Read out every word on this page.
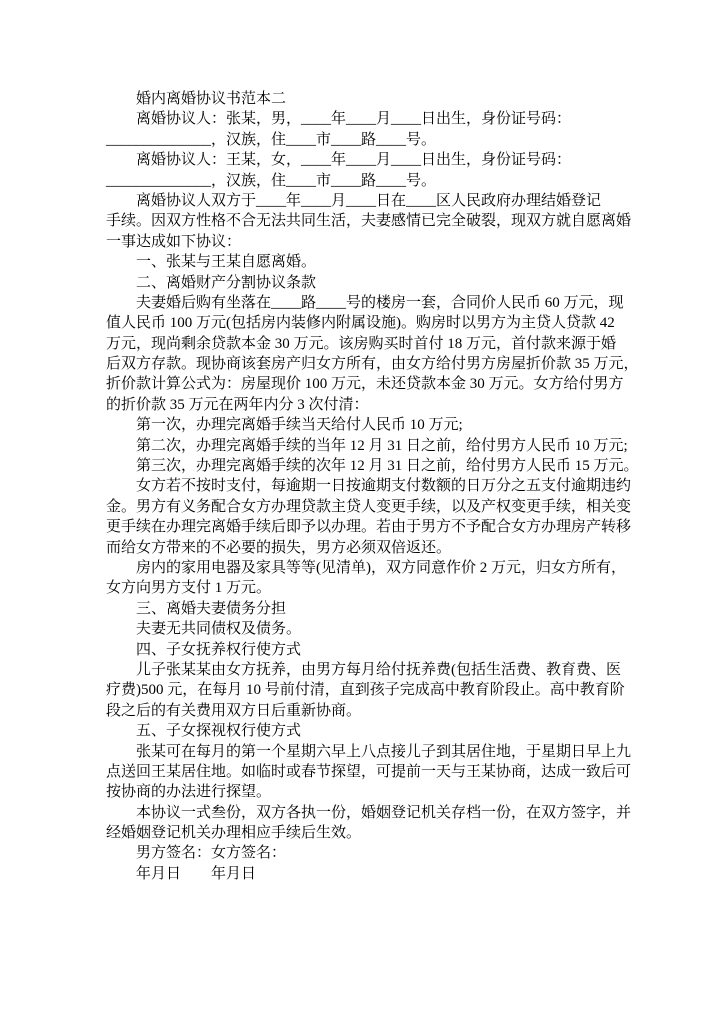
婚内离婚协议书范本二
离婚协议人：张某，男，____年____月____日出生，身份证号码：
______________，汉族，住____市____路____号。
离婚协议人：王某，女，____年____月____日出生，身份证号码：
______________，汉族，住____市____路____号。
离婚协议人双方于____年____月____日在____区人民政府办理结婚登记
手续。因双方性格不合无法共同生活，夫妻感情已完全破裂，现双方就自愿离婚
一事达成如下协议：
一、张某与王某自愿离婚。
二、离婚财产分割协议条款
夫妻婚后购有坐落在____路____号的楼房一套，合同价人民币 60 万元，现
值人民币 100 万元(包括房内装修内附属设施)。购房时以男方为主贷人贷款 42
万元，现尚剩余贷款本金 30 万元。该房购买时首付 18 万元，首付款来源于婚
后双方存款。现协商该套房产归女方所有，由女方给付男方房屋折价款 35 万元，
折价款计算公式为：房屋现价 100 万元，未还贷款本金 30 万元。女方给付男方
的折价款 35 万元在两年内分 3 次付清：
第一次，办理完离婚手续当天给付人民币 10 万元;
第二次，办理完离婚手续的当年 12 月 31 日之前，给付男方人民币 10 万元;
第三次，办理完离婚手续的次年 12 月 31 日之前，给付男方人民币 15 万元。
女方若不按时支付，每逾期一日按逾期支付数额的日万分之五支付逾期违约
金。男方有义务配合女方办理贷款主贷人变更手续，以及产权变更手续，相关变
更手续在办理完离婚手续后即予以办理。若由于男方不予配合女方办理房产转移
而给女方带来的不必要的损失，男方必须双倍返还。
房内的家用电器及家具等等(见清单)，双方同意作价 2 万元，归女方所有，
女方向男方支付 1 万元。
三、离婚夫妻债务分担
夫妻无共同债权及债务。
四、子女抚养权行使方式
儿子张某某由女方抚养，由男方每月给付抚养费(包括生活费、教育费、医
疗费)500 元，在每月 10 号前付清，直到孩子完成高中教育阶段止。高中教育阶
段之后的有关费用双方日后重新协商。
五、子女探视权行使方式
张某可在每月的第一个星期六早上八点接儿子到其居住地，于星期日早上九
点送回王某居住地。如临时或春节探望，可提前一天与王某协商，达成一致后可
按协商的办法进行探望。
本协议一式叁份，双方各执一份，婚姻登记机关存档一份，在双方签字，并
经婚姻登记机关办理相应手续后生效。
男方签名：女方签名：
年月日　　年月日
